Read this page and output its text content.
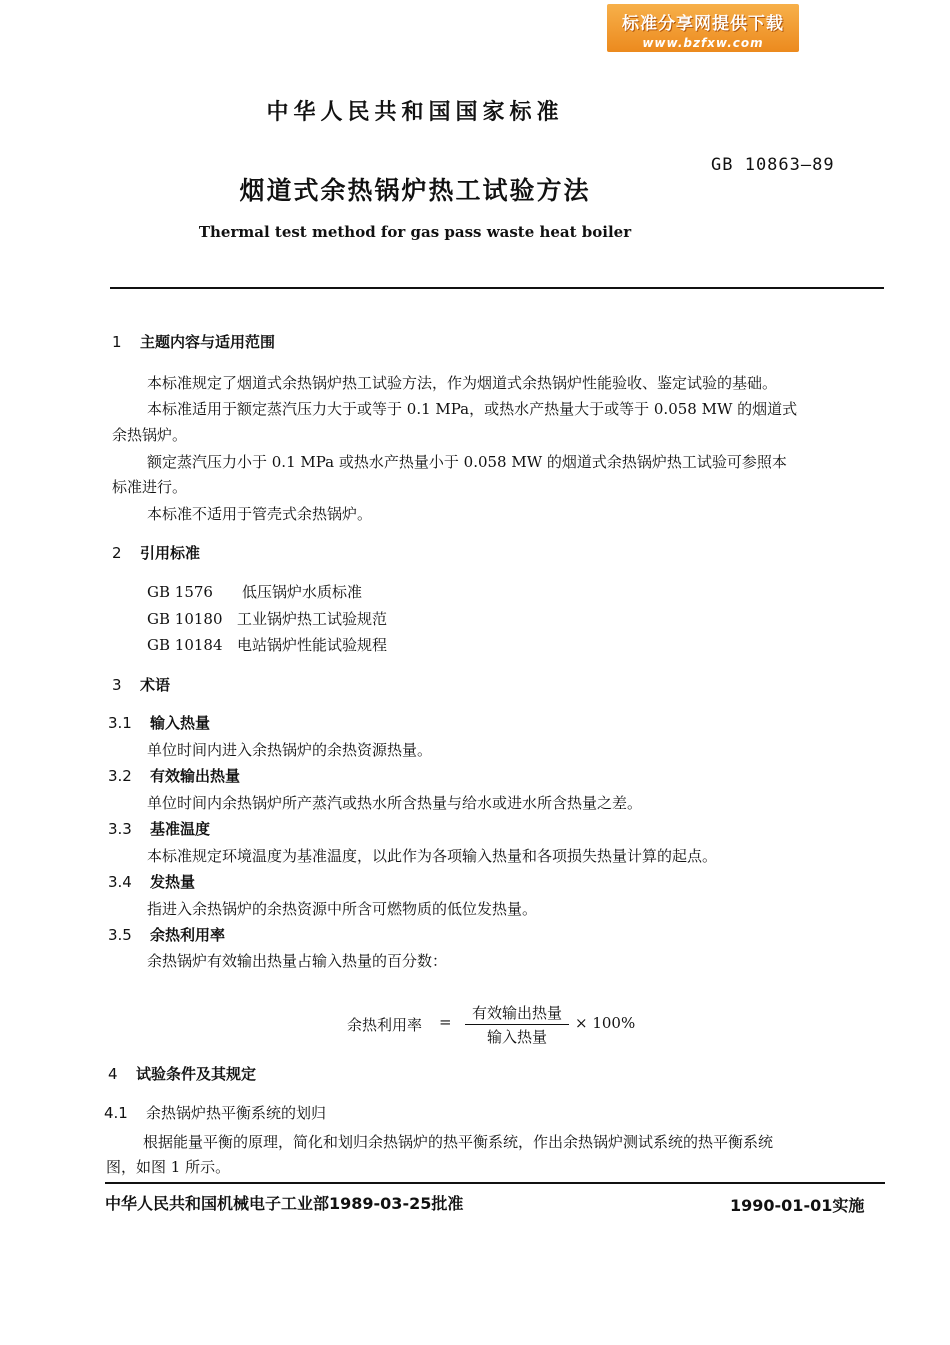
标准分享网提供下载
www.bzfxw.com
中华人民共和国国家标准
GB 10863—89
烟道式余热锅炉热工试验方法
Thermal test method for gas pass waste heat boiler
1 主题内容与适用范围
本标准规定了烟道式余热锅炉热工试验方法，作为烟道式余热锅炉性能验收、鉴定试验的基础。
本标准适用于额定蒸汽压力大于或等于 0.1 MPa，或热水产热量大于或等于 0.058 MW 的烟道式
余热锅炉。
额定蒸汽压力小于 0.1 MPa 或热水产热量小于 0.058 MW 的烟道式余热锅炉热工试验可参照本
标准进行。
本标准不适用于管壳式余热锅炉。
2 引用标准
GB 1576 低压锅炉水质标准
GB 10180 工业锅炉热工试验规范
GB 10184 电站锅炉性能试验规程
3 术语
3.1 输入热量
单位时间内进入余热锅炉的余热资源热量。
3.2 有效输出热量
单位时间内余热锅炉所产蒸汽或热水所含热量与给水或进水所含热量之差。
3.3 基准温度
本标准规定环境温度为基准温度，以此作为各项输入热量和各项损失热量计算的起点。
3.4 发热量
指进入余热锅炉的余热资源中所含可燃物质的低位发热量。
3.5 余热利用率
余热锅炉有效输出热量占输入热量的百分数：
余热利用率 =	有效输出热量
输入热量
× 100%
4 试验条件及其规定
4.1 余热锅炉热平衡系统的划归
根据能量平衡的原理，简化和划归余热锅炉的热平衡系统，作出余热锅炉测试系统的热平衡系统
图，如图 1 所示。
中华人民共和国机械电子工业部1989-03-25批准	1990-01-01实施
